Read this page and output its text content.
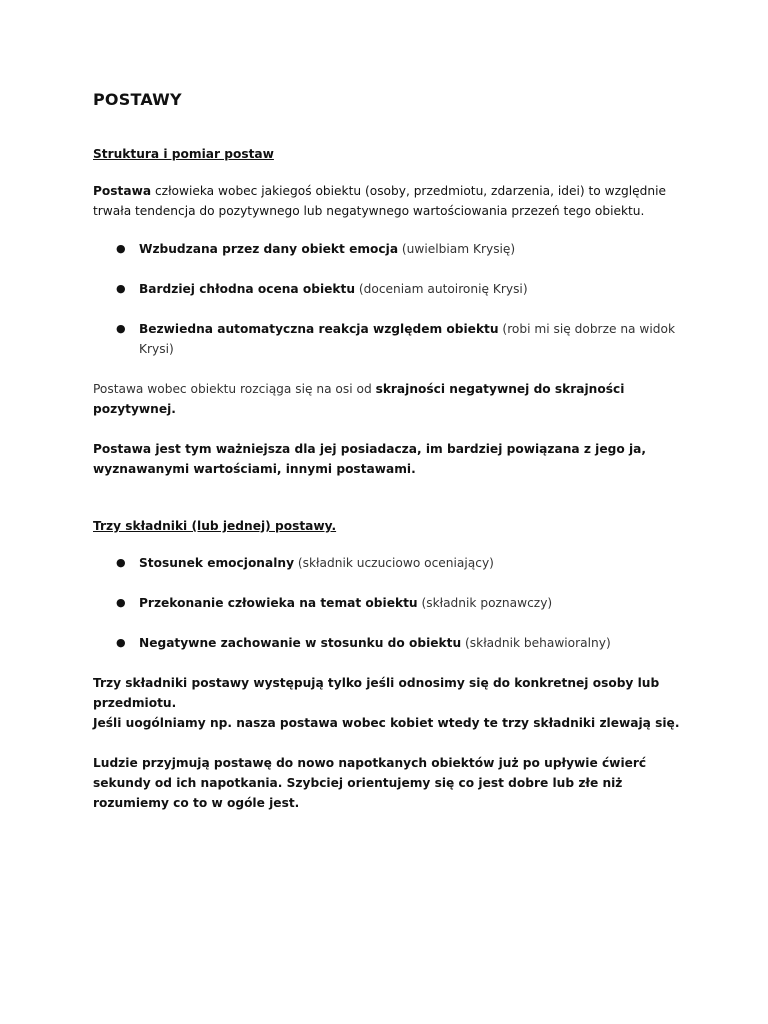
POSTAWY

Struktura i pomiar postaw

Postawa człowieka wobec jakiegoś obiektu (osoby, przedmiotu, zdarzenia, idei) to względnie trwała tendencja do pozytywnego lub negatywnego wartościowania przezeń tego obiektu.

● Wzbudzana przez dany obiekt emocja (uwielbiam Krysię)
● Bardziej chłodna ocena obiektu (doceniam autoironię Krysi)
● Bezwiedna automatyczna reakcja względem obiektu (robi mi się dobrze na widok Krysi)

Postawa wobec obiektu rozciąga się na osi od skrajności negatywnej do skrajności pozytywnej.

Postawa jest tym ważniejsza dla jej posiadacza, im bardziej powiązana z jego ja, wyznawanymi wartościami, innymi postawami.

Trzy składniki (lub jednej) postawy.

● Stosunek emocjonalny (składnik uczuciowo oceniający)
● Przekonanie człowieka na temat obiektu (składnik poznawczy)
● Negatywne zachowanie w stosunku do obiektu (składnik behawioralny)

Trzy składniki postawy występują tylko jeśli odnosimy się do konkretnej osoby lub przedmiotu.

Jeśli uogólniamy np. nasza postawa wobec kobiet wtedy te trzy składniki zlewają się.

Ludzie przyjmują postawę do nowo napotkanych obiektów już po upływie ćwierć sekundy od ich napotkania. Szybciej orientujemy się co jest dobre lub złe niż rozumiemy co to w ogóle jest.
